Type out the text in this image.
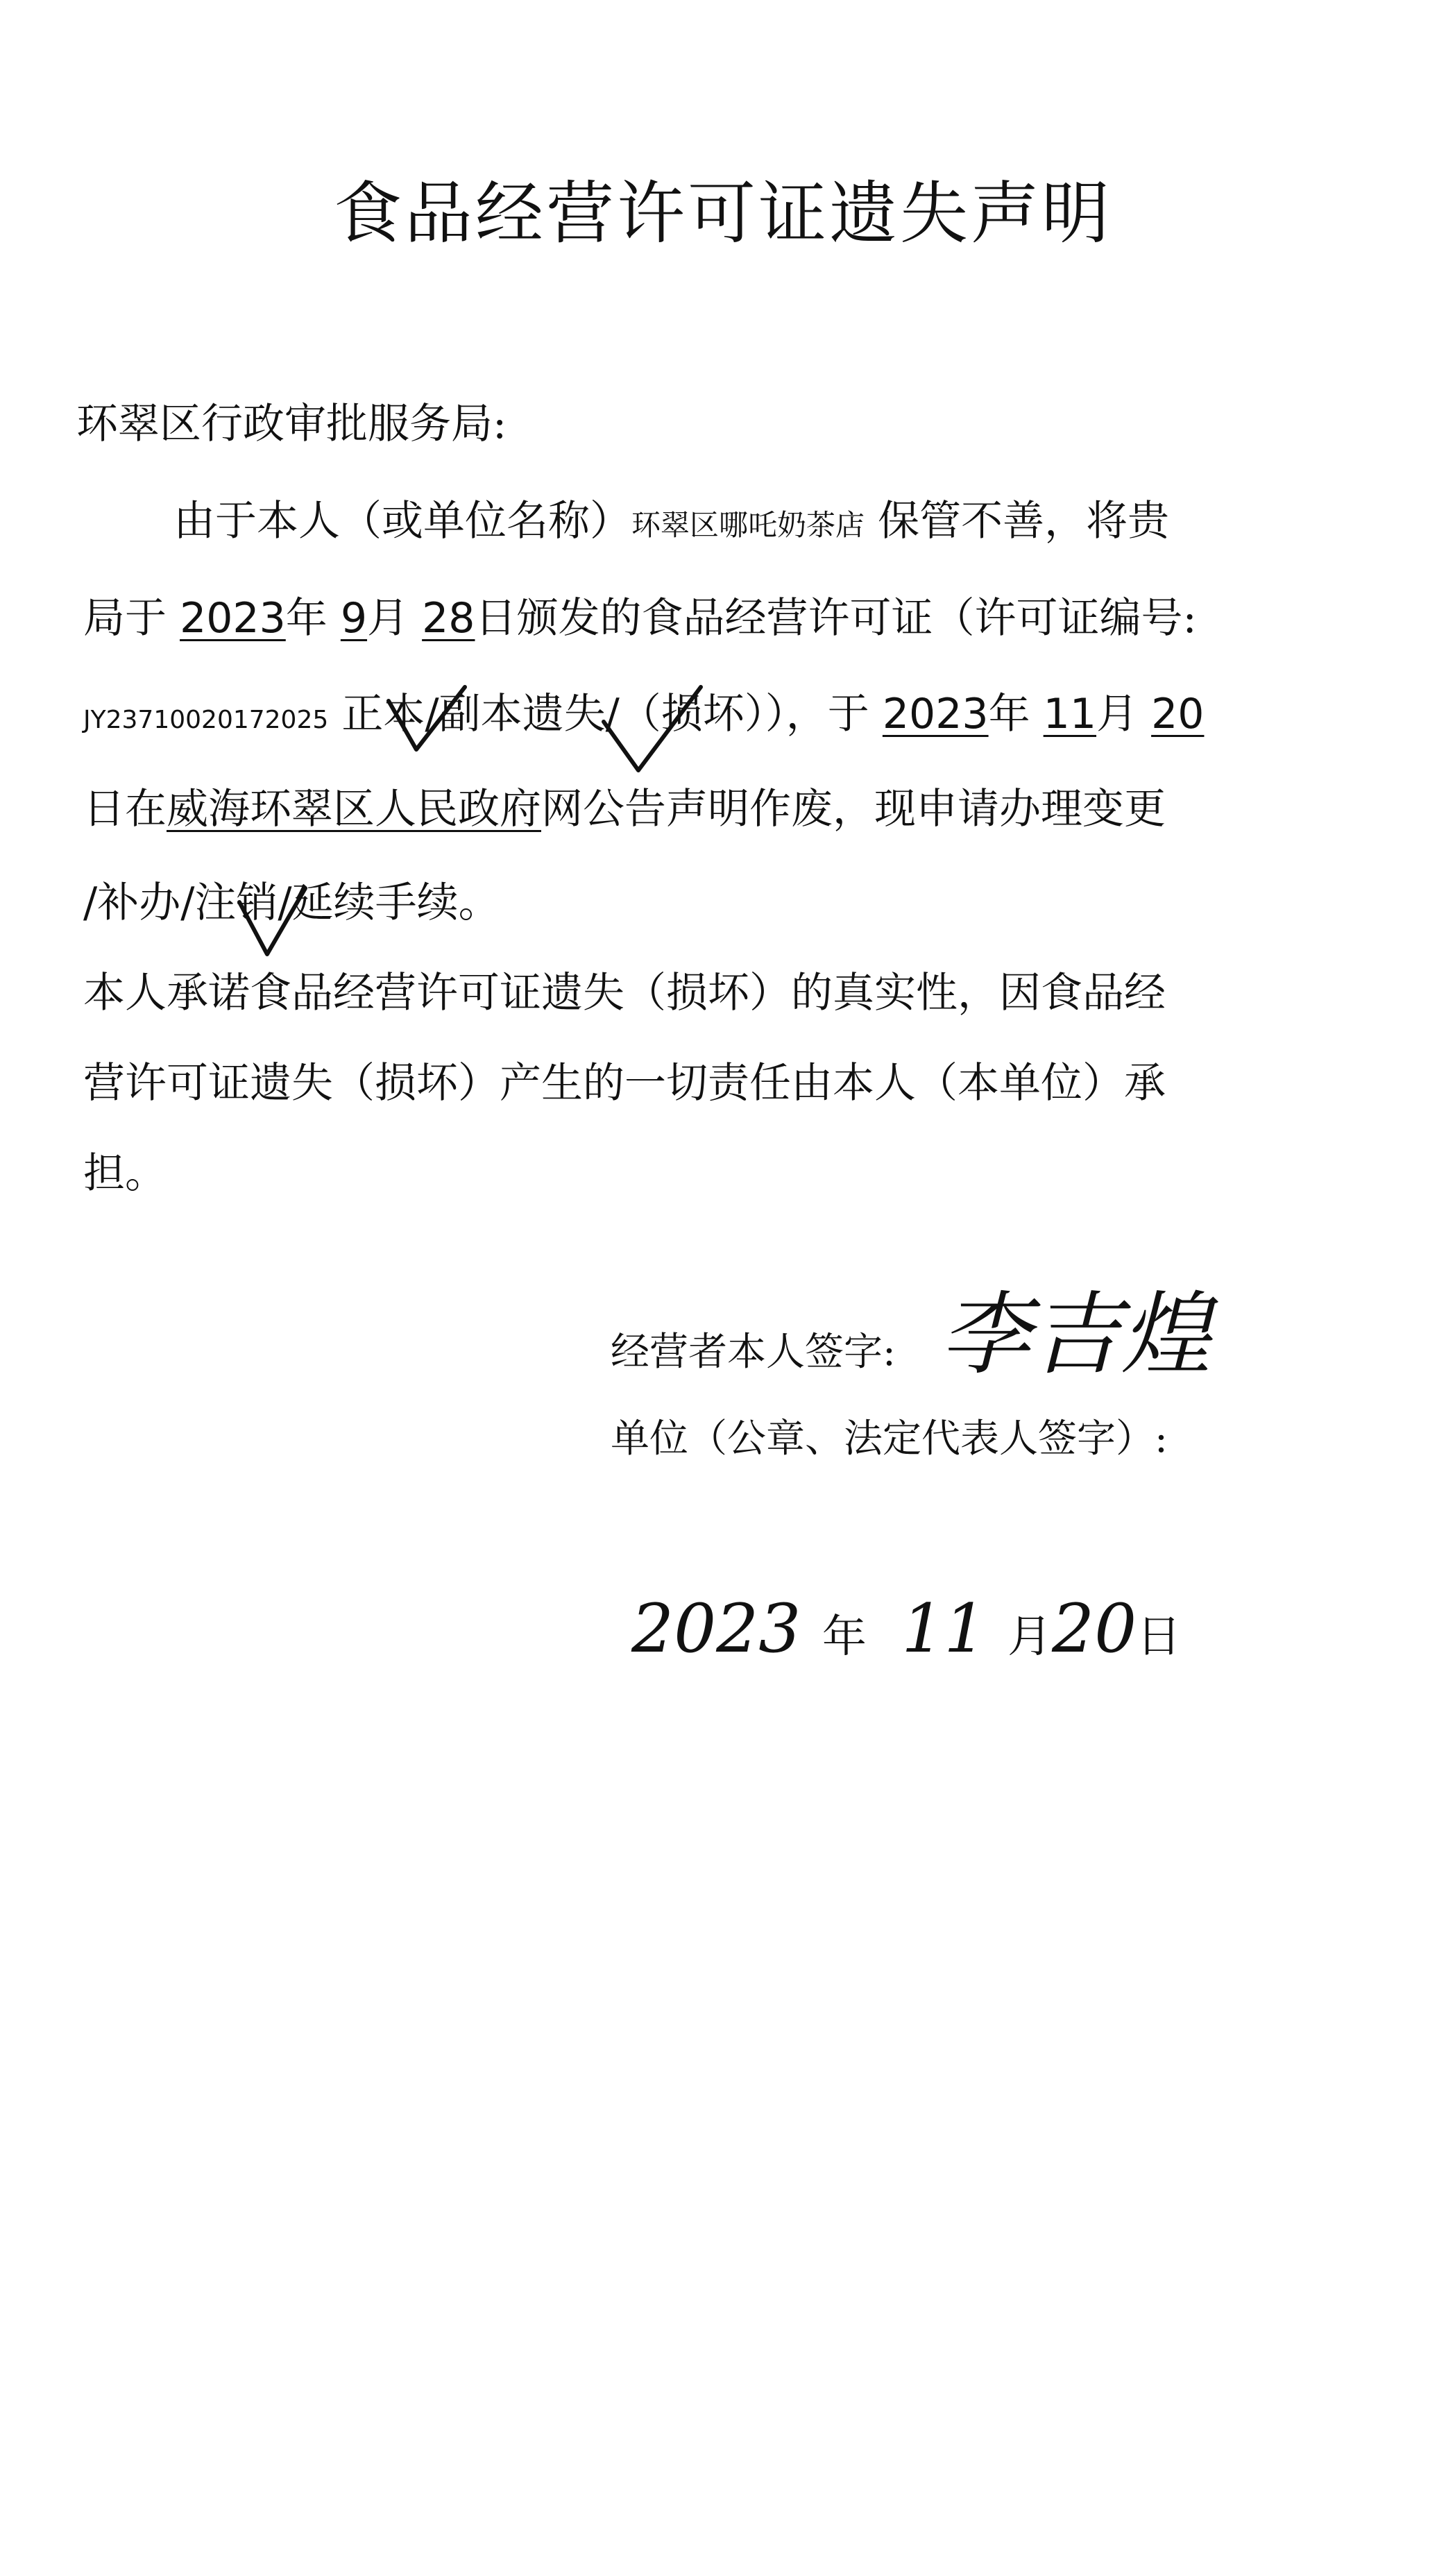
食品经营许可证遗失声明
环翠区行政审批服务局:
由于本人（或单位名称）环翠区哪吒奶茶店 保管不善，将贵
局于 2023年 9月 28日颁发的食品经营许可证（许可证编号:
JY23710020172025 正本/副本遗失/（损坏）），于 2023年 11月 20
日在威海环翠区人民政府网公告声明作废，现申请办理变更
/补办/注销/延续手续。
本人承诺食品经营许可证遗失（损坏）的真实性，因食品经
营许可证遗失（损坏）产生的一切责任由本人（本单位）承
担。
经营者本人签字: 李吉煌
单位（公章、法定代表人签字）:
2023 年 11 月20日
